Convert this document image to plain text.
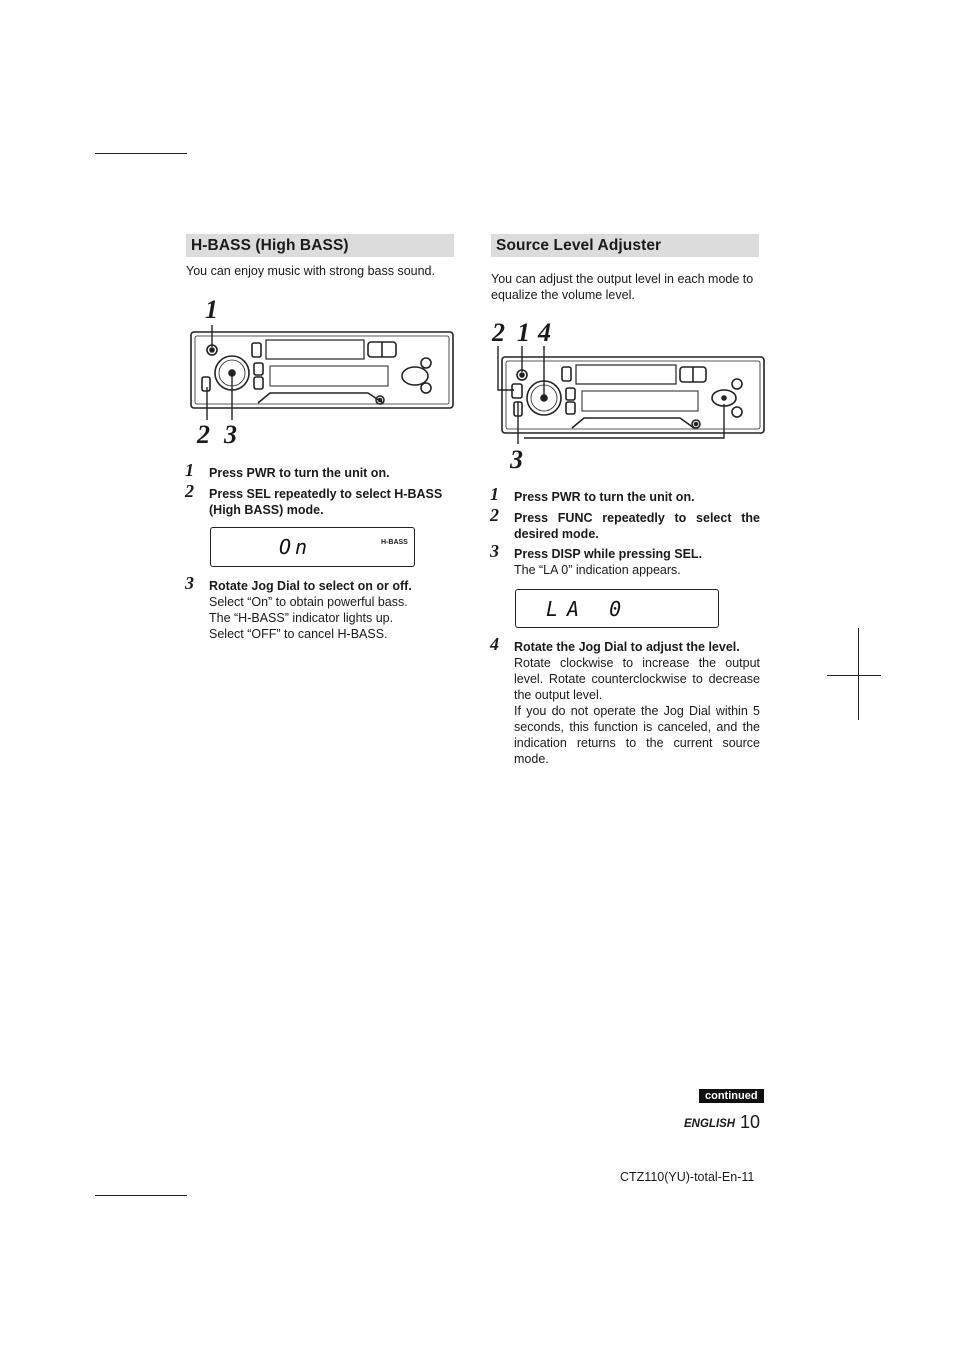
H-BASS (High BASS)
You can enjoy music with strong bass sound.
1
2 3
1 Press PWR to turn the unit on.
2 Press SEL repeatedly to select H-BASS (High BASS) mode.
On	H-BASS
3 Rotate Jog Dial to select on or off.
Select “On” to obtain powerful bass.
The “H-BASS” indicator lights up.
Select “OFF” to cancel H-BASS.
Source Level Adjuster
You can adjust the output level in each mode to equalize the volume level.
2 1 4
3
1 Press PWR to turn the unit on.
2 Press FUNC repeatedly to select the desired mode.
3 Press DISP while pressing SEL.
The “LA 0” indication appears.
LA 0
4 Rotate the Jog Dial to adjust the level.
Rotate clockwise to increase the output level. Rotate counterclockwise to decrease the output level.
If you do not operate the Jog Dial within 5 seconds, this function is canceled, and the indication returns to the current source mode.
continued
ENGLISH 10
CTZ110(YU)-total-En-11
